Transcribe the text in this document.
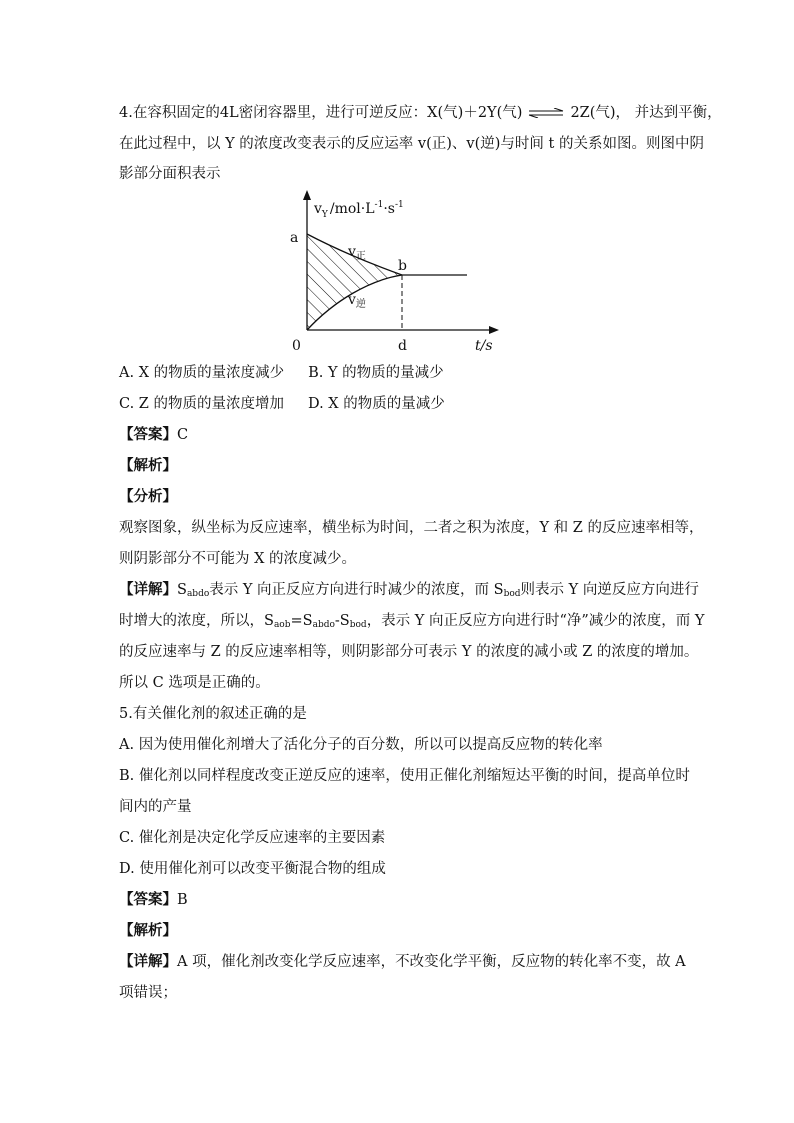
4.在容积固定的4L密闭容器里，进行可逆反应：X(气)＋2Y(气) ⇌ 2Z(气)， 并达到平衡，
在此过程中，以 Y 的浓度改变表示的反应运率 v(正)、v(逆)与时间 t 的关系如图。则图中阴
影部分面积表示
$v_Y$ $/mol\cdot L^{-1}\cdot s^{-1}$
a
b
0	d	t/s
$v_正$
$v_逆$
A. X 的物质的量浓度减少 B. Y 的物质的量减少
C. Z 的物质的量浓度增加 D. X 的物质的量减少
【答案】C
【解析】
【分析】
观察图象，纵坐标为反应速率，横坐标为时间，二者之积为浓度，Y 和 Z 的反应速率相等，
则阴影部分不可能为 X 的浓度减少。
【详解】$S_{abdo}$表示 Y 向正反应方向进行时减少的浓度，而 $S_{bod}$则表示 Y 向逆反应方向进行
时增大的浓度，所以，$S_{aob}=S_{abdo}-S_{bod}$，表示 Y 向正反应方向进行时“净”减少的浓度，而 Y
的反应速率与 Z 的反应速率相等，则阴影部分可表示 Y 的浓度的减小或 Z 的浓度的增加。
所以 C 选项是正确的。
5.有关催化剂的叙述正确的是
A. 因为使用催化剂增大了活化分子的百分数，所以可以提高反应物的转化率
B. 催化剂以同样程度改变正逆反应的速率，使用正催化剂缩短达平衡的时间，提高单位时
间内的产量
C. 催化剂是决定化学反应速率的主要因素
D. 使用催化剂可以改变平衡混合物的组成
【答案】B
【解析】
【详解】A 项，催化剂改变化学反应速率，不改变化学平衡，反应物的转化率不变，故 A
项错误；
